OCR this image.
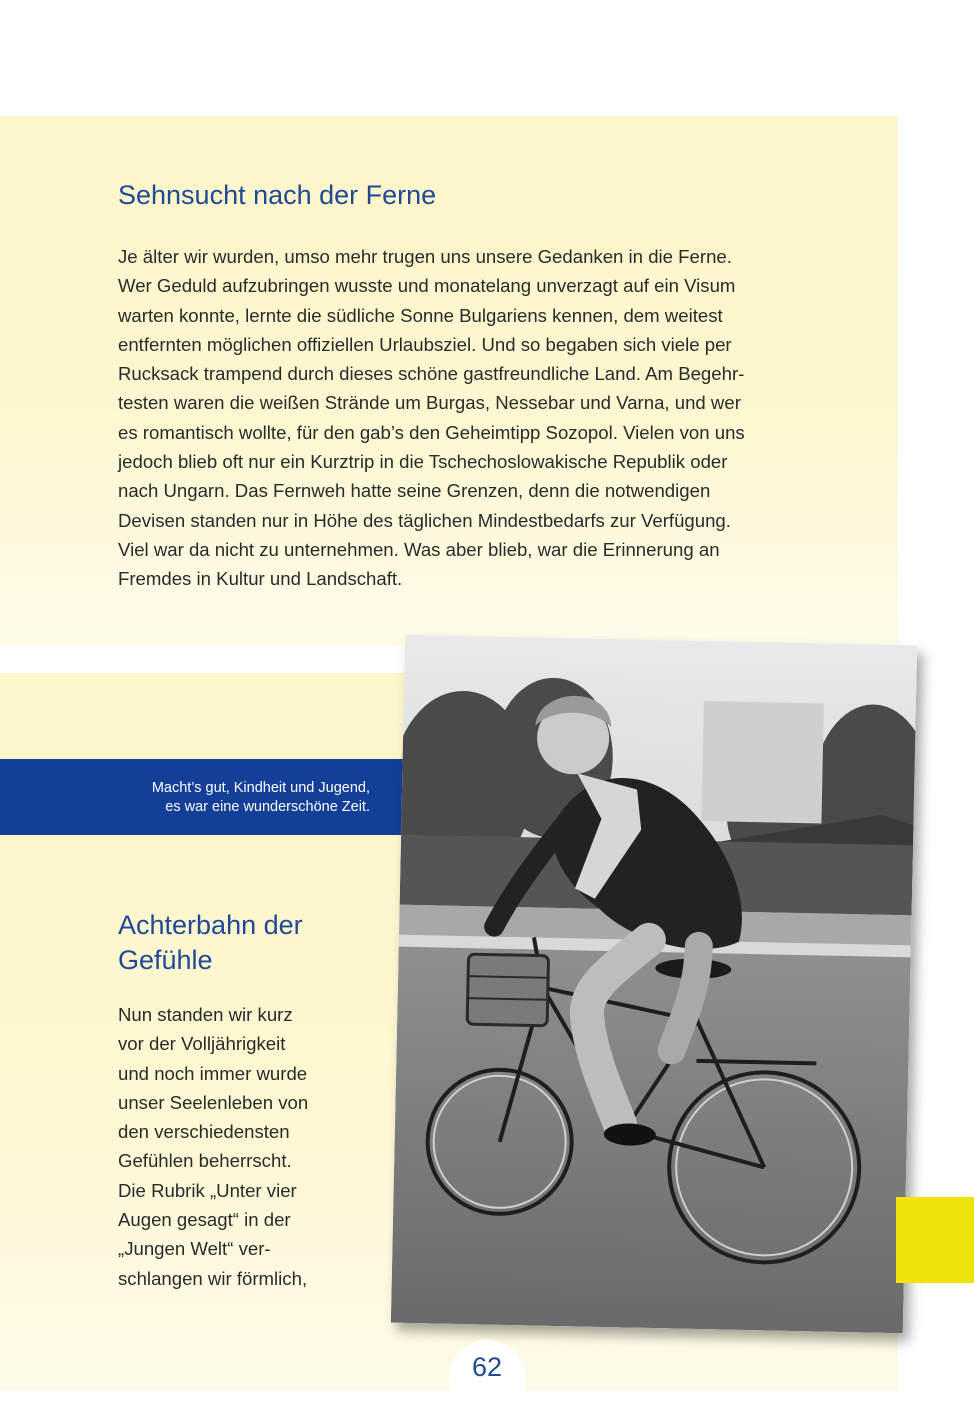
Sehnsucht nach der Ferne

Je älter wir wurden, umso mehr trugen uns unsere Gedanken in die Ferne.
Wer Geduld aufzubringen wusste und monatelang unverzagt auf ein Visum
warten konnte, lernte die südliche Sonne Bulgariens kennen, dem weitest
entfernten möglichen offiziellen Urlaubsziel. Und so begaben sich viele per
Rucksack trampend durch dieses schöne gastfreundliche Land. Am Begehr-
testen waren die weißen Strände um Burgas, Nessebar und Varna, und wer
es romantisch wollte, für den gab’s den Geheimtipp Sozopol. Vielen von uns
jedoch blieb oft nur ein Kurztrip in die Tschechoslowakische Republik oder
nach Ungarn. Das Fernweh hatte seine Grenzen, denn die notwendigen
Devisen standen nur in Höhe des täglichen Mindestbedarfs zur Verfügung.
Viel war da nicht zu unternehmen. Was aber blieb, war die Erinnerung an
Fremdes in Kultur und Landschaft.

Macht’s gut, Kindheit und Jugend,
es war eine wunderschöne Zeit.
Achterbahn der
Gefühle

Nun standen wir kurz
vor der Volljährigkeit
und noch immer wurde
unser Seelenleben von
den verschiedensten
Gefühlen beherrscht.
Die Rubrik „Unter vier
Augen gesagt“ in der
„Jungen Welt“ ver-
schlangen wir förmlich,

62
